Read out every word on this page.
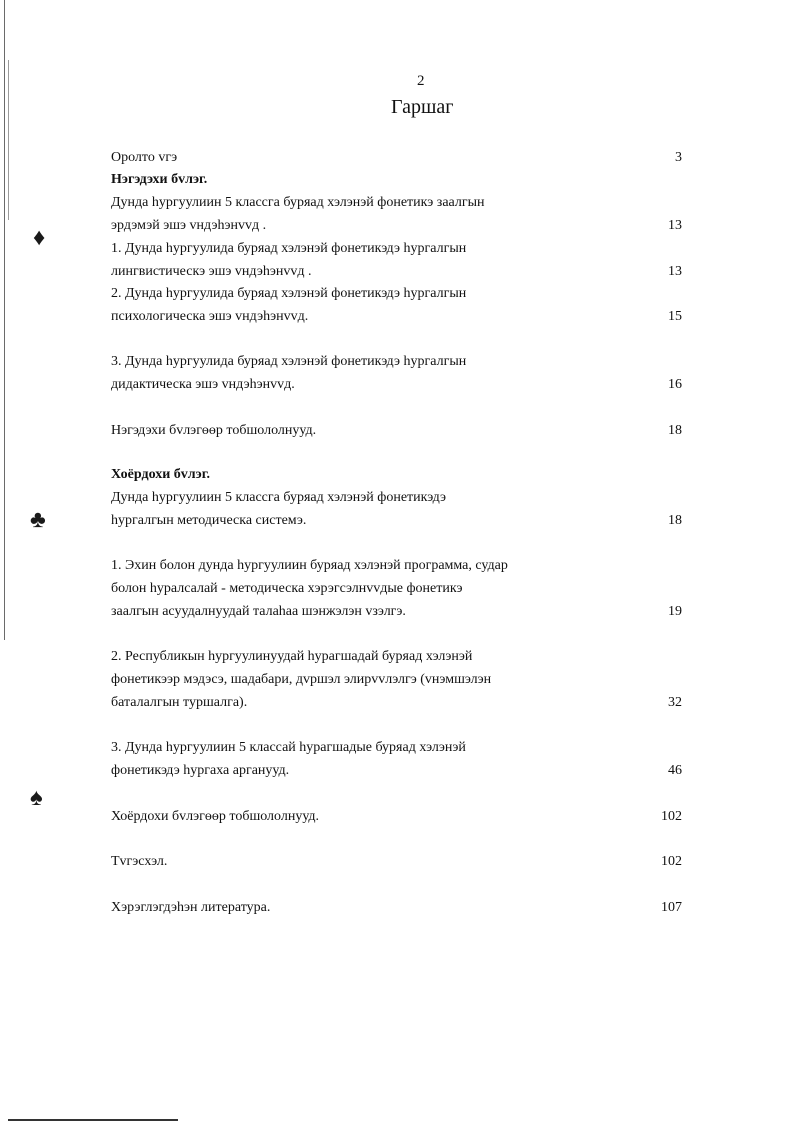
♦
♣
♠
2
Гаршаг
Оролто vгэ	3
Нэгэдэхи бvлэг.
Дунда hургуулиин 5 классга буряад хэлэнэй фонетикэ заалгын
эрдэмэй эшэ vндэhэнvvд .	13
1. Дунда hургуулида буряад хэлэнэй фонетикэдэ hургалгын
лингвистическэ эшэ vндэhэнvvд .	13
2. Дунда hургуулида буряад хэлэнэй фонетикэдэ hургалгын
психологическа эшэ vндэhэнvvд.	15
3. Дунда hургуулида буряад хэлэнэй фонетикэдэ hургалгын
дидактическа эшэ vндэhэнvvд.	16
Нэгэдэхи бvлэгѳѳр тобшололнууд.	18
Хоёрдохи бvлэг.
Дунда hургуулиин 5 классга буряад хэлэнэй фонетикэдэ
hургалгын методическа системэ.	18
1. Эхин болон дунда hургуулиин буряад хэлэнэй программа, судар
болон hуралсалай - методическа хэрэгсэлнvvдые фонетикэ
заалгын асуудалнуудай талаhаа шэнжэлэн vзэлгэ.	19
2. Республикын hургуулинуудай hурагшадай буряад хэлэнэй
фонетикээр мэдэсэ, шадабари, дvршэл элирvvлэлгэ (vнэмшэлэн
баталалгын туршалга).	32
3. Дунда hургуулиин 5 классай hурагшадые буряад хэлэнэй
фонетикэдэ hургаха арганууд.	46
Хоёрдохи бvлэгѳѳр тобшололнууд.	102
Тvгэсхэл.	102
Хэрэглэгдэhэн литература.	107
